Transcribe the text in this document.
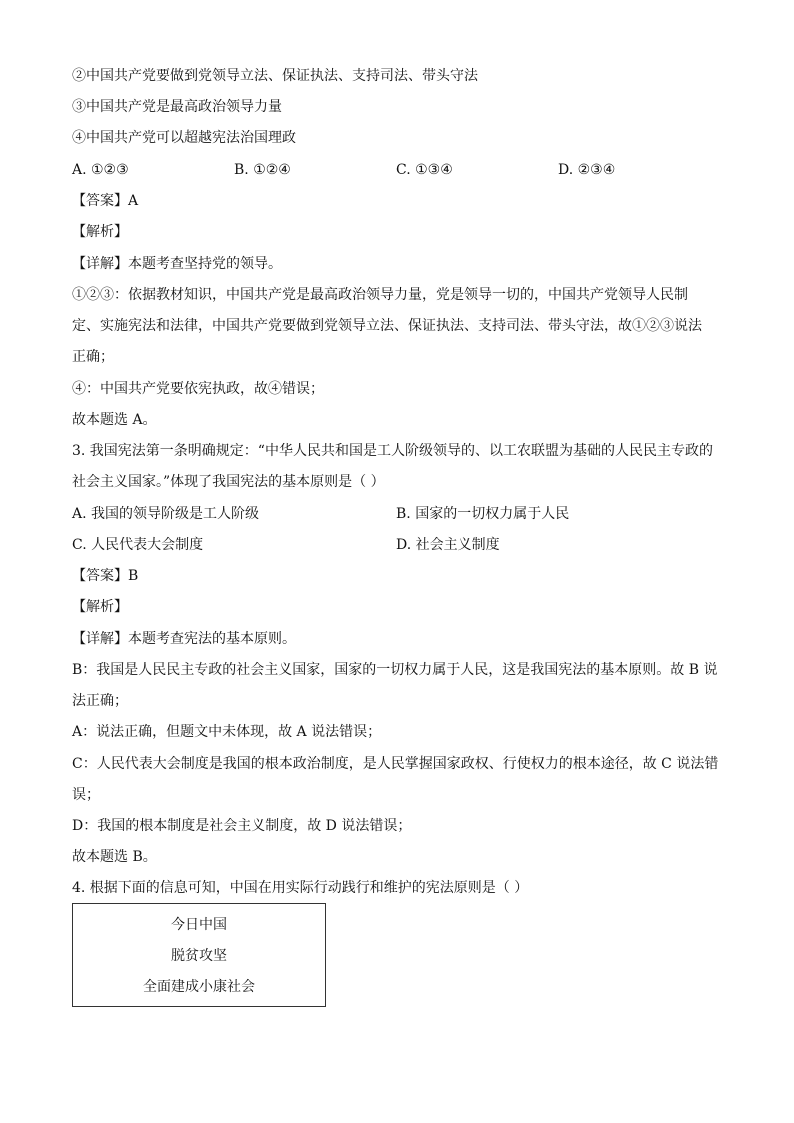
②中国共产党要做到党领导立法、保证执法、支持司法、带头守法
③中国共产党是最高政治领导力量
④中国共产党可以超越宪法治国理政
A. ①②③	B. ①②④	C. ①③④	D. ②③④
【答案】A
【解析】
【详解】本题考查坚持党的领导。
①②③：依据教材知识，中国共产党是最高政治领导力量，党是领导一切的，中国共产党领导人民制
定、实施宪法和法律，中国共产党要做到党领导立法、保证执法、支持司法、带头守法，故①②③说法
正确；
④：中国共产党要依宪执政，故④错误；
故本题选 A。
3. 我国宪法第一条明确规定：“中华人民共和国是工人阶级领导的、以工农联盟为基础的人民民主专政的
社会主义国家。”体现了我国宪法的基本原则是（ ）
A. 我国的领导阶级是工人阶级	B. 国家的一切权力属于人民
C. 人民代表大会制度	D. 社会主义制度
【答案】B
【解析】
【详解】本题考查宪法的基本原则。
B：我国是人民民主专政的社会主义国家，国家的一切权力属于人民，这是我国宪法的基本原则。故 B 说
法正确；
A：说法正确，但题文中未体现，故 A 说法错误；
C：人民代表大会制度是我国的根本政治制度，是人民掌握国家政权、行使权力的根本途径，故 C 说法错
误；
D：我国的根本制度是社会主义制度，故 D 说法错误；
故本题选 B。
4. 根据下面的信息可知，中国在用实际行动践行和维护的宪法原则是（ ）
今日中国
脱贫攻坚
全面建成小康社会
